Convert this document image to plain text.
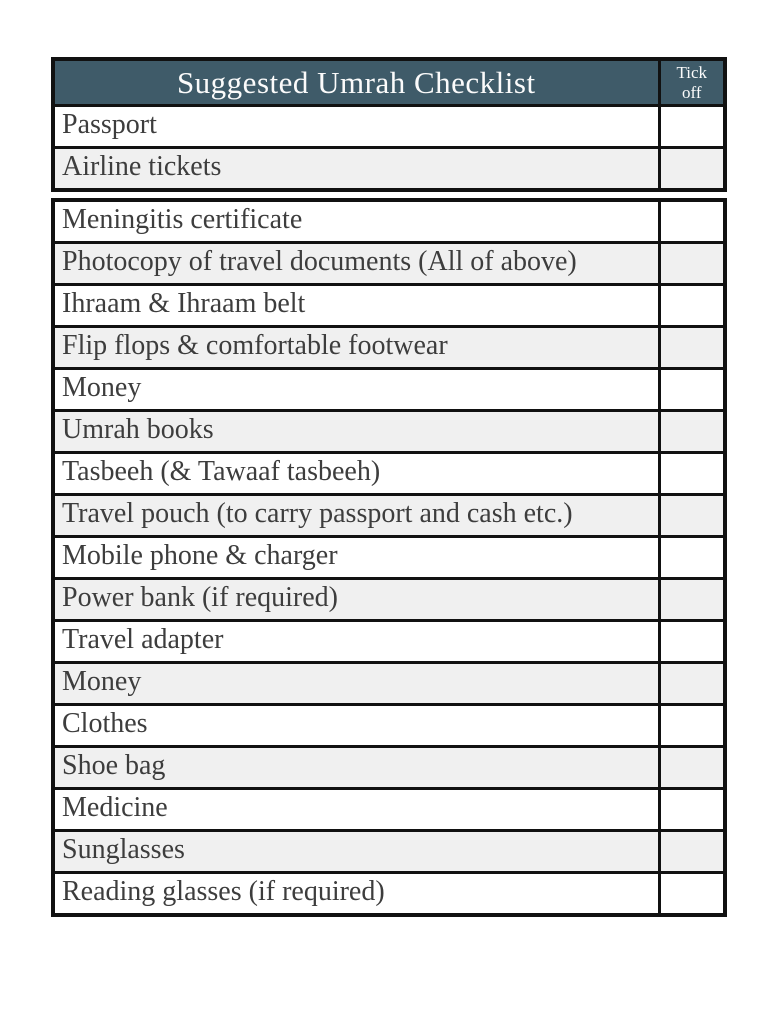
Suggested Umrah Checklist	Tick off
Passport	
Airline tickets	
Meningitis certificate	
Photocopy of travel documents (All of above)	
Ihraam & Ihraam belt	
Flip flops & comfortable footwear	
Money	
Umrah books	
Tasbeeh (& Tawaaf tasbeeh)	
Travel pouch (to carry passport and cash etc.)	
Mobile phone & charger	
Power bank (if required)	
Travel adapter	
Money	
Clothes	
Shoe bag	
Medicine	
Sunglasses	
Reading glasses (if required)	
